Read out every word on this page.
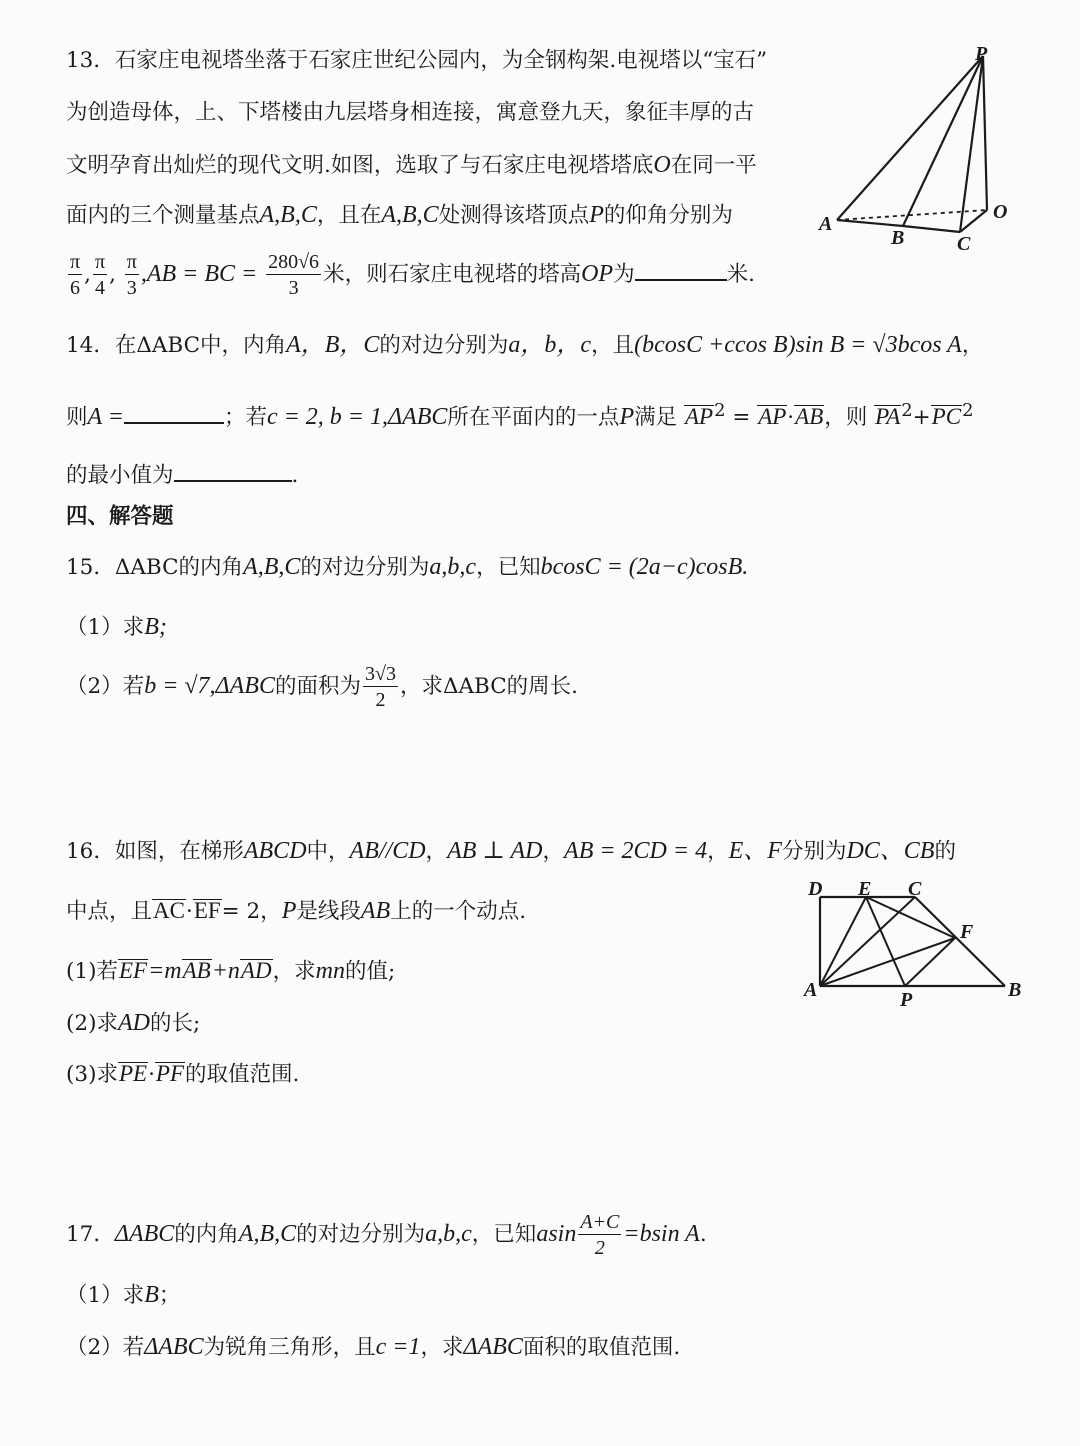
13．石家庄电视塔坐落于石家庄世纪公园内，为全钢构架.电视塔以“宝石”
为创造母体，上、下塔楼由九层塔身相连接，寓意登九天，象征丰厚的古
文明孕育出灿烂的现代文明.如图，选取了与石家庄电视塔塔底O在同一平
面内的三个测量基点A,B,C，且在A,B,C处测得该塔顶点P的仰角分别为
$\frac{\pi}{6}$ , $\frac{\pi}{4}$ , $\frac{\pi}{3} ,AB$ = BC = $\frac{280√6}{3}$ 米，则石家庄电视塔的塔高OP为	米.
P
A
B	C
O
14．在ΔABC中，内角A，B，C的对边分别为a，b，c，且(bcosC +ccos B)sin B = √3bcos A，
则A =	；若c = 2, b = 1,ΔABC所在平面内的一点P满足 $AP^2 = AP\cdot AB$，则 $PA^2+PC^2$
的最小值为	.
四、解答题
15．ΔABC的内角A,B,C的对边分别为a,b,c，已知bcosC = (2a−c)cosB.
（1）求B;
（2）若b = √7,ΔABC的面积为 $\frac{3√3}{2}$ ，求ΔABC的周长.
16．如图，在梯形ABCD中，AB//CD，AB ⊥ AD，AB = 2CD = 4，E、F分别为DC、CB的
中点，且AC·EF= 2，P是线段AB上的一个动点.
(1)若EF=mAB+nAD，求mn的值;
(2)求AD的长;
(3)求PE·PF的取值范围.
D E C
F
A	P	B
17．ΔABC的内角A,B,C的对边分别为a,b,c，已知asin $\frac{A+C}{2} =bsin$ A.
（1）求B；
（2）若ΔABC为锐角三角形，且c =1，求ΔABC面积的取值范围.
